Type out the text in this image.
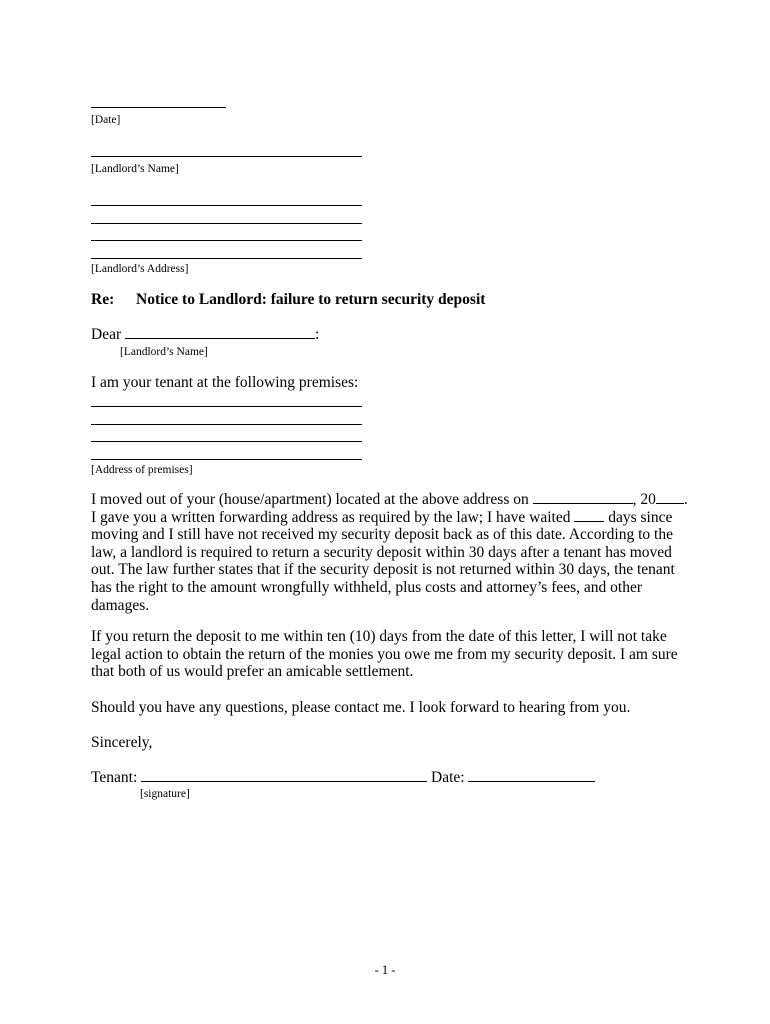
[Date]
[Landlord’s Name]
[Landlord’s Address]
Re: Notice to Landlord: failure to return security deposit
Dear	:
[Landlord’s Name]
I am your tenant at the following premises:
[Address of premises]
I moved out of your (house/apartment) located at the above address on	, 20 .
I gave you a written forwarding address as required by the law; I have waited days since
moving and I still have not received my security deposit back as of this date. According to the
law, a landlord is required to return a security deposit within 30 days after a tenant has moved
out. The law further states that if the security deposit is not returned within 30 days, the tenant
has the right to the amount wrongfully withheld, plus costs and attorney’s fees, and other
damages.
If you return the deposit to me within ten (10) days from the date of this letter, I will not take
legal action to obtain the return of the monies you owe me from my security deposit. I am sure
that both of us would prefer an amicable settlement.
Should you have any questions, please contact me. I look forward to hearing from you.
Sincerely,
Tenant:	Date:
[signature]
- 1 -
